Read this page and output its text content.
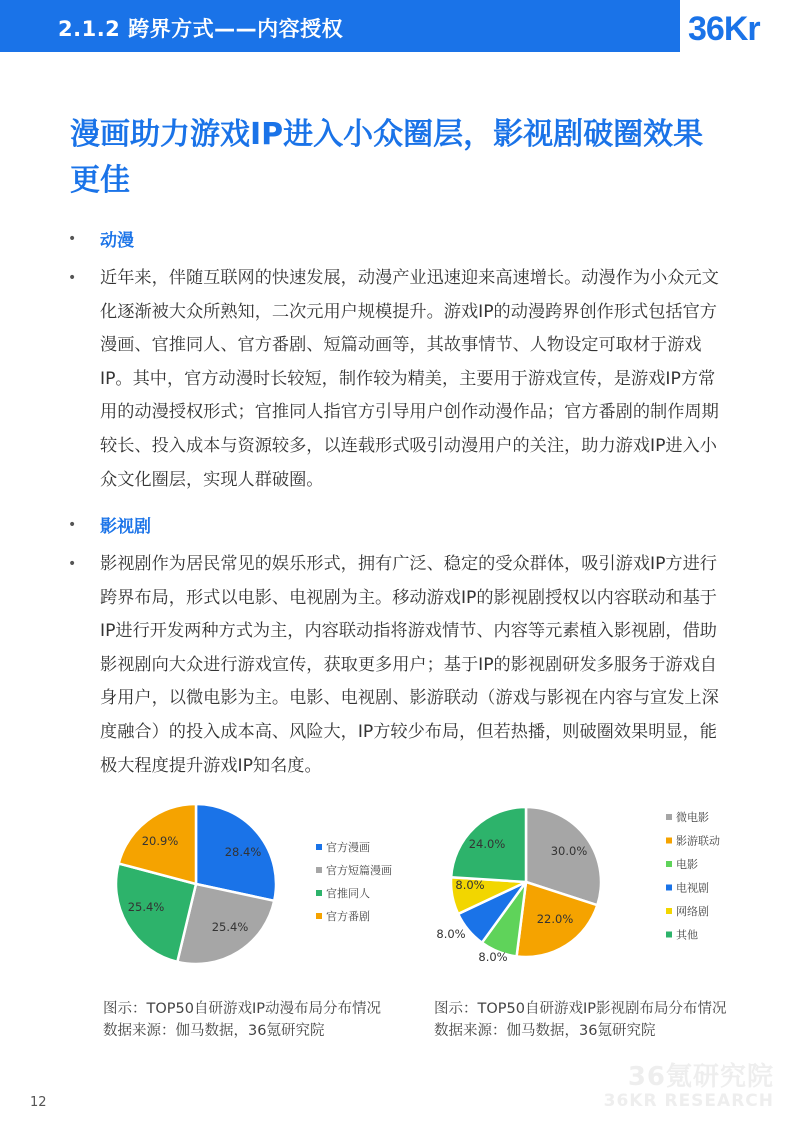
2.1.2 跨界方式——内容授权	36Kr
漫画助力游戏IP进入小众圈层，影视剧破圈效果更佳
• 动漫
• 近年来，伴随互联网的快速发展，动漫产业迅速迎来高速增长。动漫作为小众元文化逐渐被大众所熟知，二次元用户规模提升。游戏IP的动漫跨界创作形式包括官方漫画、官推同人、官方番剧、短篇动画等，其故事情节、人物设定可取材于游戏IP。其中，官方动漫时长较短，制作较为精美，主要用于游戏宣传，是游戏IP方常用的动漫授权形式；官推同人指官方引导用户创作动漫作品；官方番剧的制作周期较长、投入成本与资源较多，以连载形式吸引动漫用户的关注，助力游戏IP进入小众文化圈层，实现人群破圈。
• 影视剧
• 影视剧作为居民常见的娱乐形式，拥有广泛、稳定的受众群体，吸引游戏IP方进行跨界布局，形式以电影、电视剧为主。移动游戏IP的影视剧授权以内容联动和基于IP进行开发两种方式为主，内容联动指将游戏情节、内容等元素植入影视剧，借助影视剧向大众进行游戏宣传，获取更多用户；基于IP的影视剧研发多服务于游戏自身用户，以微电影为主。电影、电视剧、影游联动（游戏与影视在内容与宣发上深度融合）的投入成本高、风险大，IP方较少布局，但若热播，则破圈效果明显，能极大程度提升游戏IP知名度。
28.4%
25.4%
25.4%
20.9%	官方漫画
官方短篇漫画
官推同人
官方番剧
30.0%
22.0%
8.0%
8.0%
8.0%
24.0%
微电影
影游联动
电影
电视剧
网络剧
其他
图示：TOP50自研游戏IP动漫布局分布情况
数据来源：伽马数据，36氪研究院
图示：TOP50自研游戏IP影视剧布局分布情况
数据来源：伽马数据，36氪研究院
12
36氪研究院
36KR RESEARCH
